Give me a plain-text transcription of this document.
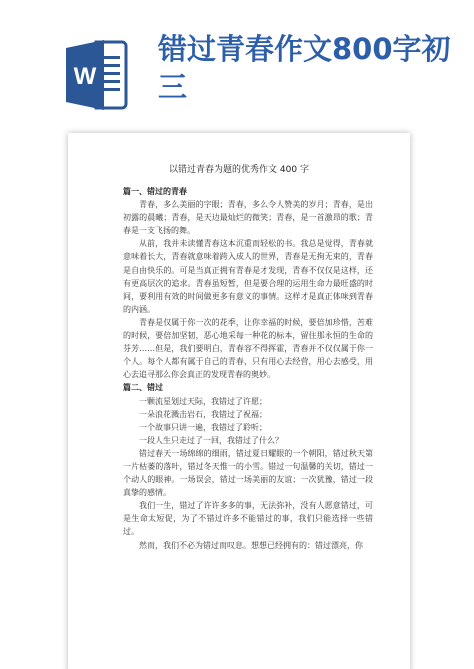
W
错过青春作文800字初三
以错过青春为题的优秀作文 400 字

篇一、错过的青春

青春，多么美丽的字眼；青春，多么令人赞美的岁月；青春，是出初露的晨曦；青春，是天边最灿烂的微笑；青春，是一首激昂的歌；青春是一支飞扬的舞。

从前，我并未读懂青春这本沉重而轻松的书。我总是觉得，青春就意味着长大，青春就意味着跨入成人的世界，青春是无拘无束的，青春是自由快乐的。可是当真正拥有青春是才发现，青春不仅仅是这样，还有更高层次的追求。青春虽短暂，但是要合理的运用生命力最旺盛的时间，要利用有效的时间做更多有意义的事情。这样才是真正体味到青春的内涵。

青春是仅属于你一次的花季，让你幸福的时候，要倍加珍惜，苦难的时候，要倍加坚韧，恶心地采每一种花的标本，留住那永恒的生命的芬芳……但是，我们要明白，青春容不得挥霍，青春并不仅仅属于你一个人。每个人都有属于自己的青春，只有用心去经营，用心去感受，用心去追寻那么你会真正的发现青春的奥妙。

篇二、错过

一颗流星划过天际，我错过了许愿；

一朵浪花溅击岩石，我错过了祝福；

一个故事只讲一遍，我错过了聆听；

一段人生只走过了一回，我错过了什么？

错过春天一场绵绵的细雨，错过夏日耀眼的一个朝阳，错过秋天第一片枯萎的落叶，错过冬天惟一的小雪。错过一句温馨的关切，错过一个动人的眼神。一场误会，错过一场美丽的友谊；一次犹豫，错过一段真挚的感情。

我们一生，错过了许许多多的事，无法弥补，没有人愿意错过，可是生命太短促，为了不错过许多不能错过的事，我们只能选择一些错过。

然而，我们不必为错过而叹息。想想已经拥有的：错过漂亮，你
